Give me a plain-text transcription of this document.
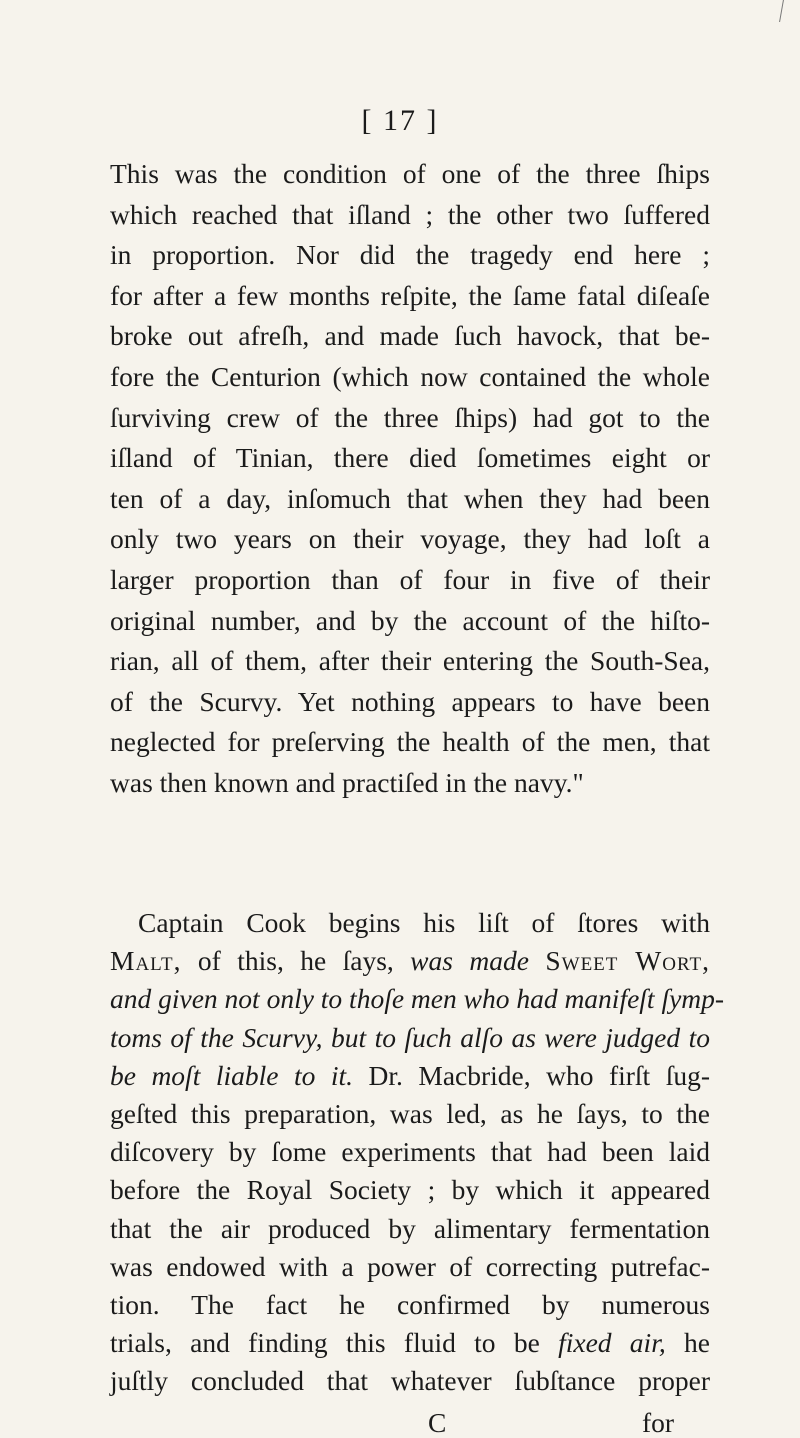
[ 17 ]
This was the condition of one of the three ſhips
which reached that iſland ; the other two ſuffered
in proportion. Nor did the tragedy end here ;
for after a few months reſpite, the ſame fatal diſeaſe
broke out afreſh, and made ſuch havock, that be-
fore the Centurion (which now contained the whole
ſurviving crew of the three ſhips) had got to the
iſland of Tinian, there died ſometimes eight or
ten of a day, inſomuch that when they had been
only two years on their voyage, they had loſt a
larger proportion than of four in five of their
original number, and by the account of the hiſto-
rian, all of them, after their entering the South-Sea,
of the Scurvy. Yet nothing appears to have been
neglected for preſerving the health of the men, that
was then known and practiſed in the navy."
Captain Cook begins his liſt of ſtores with
Malt, of this, he ſays, was made Sweet Wort,
and given not only to thoſe men who had manifeſt ſymp-
toms of the Scurvy, but to ſuch alſo as were judged to
be moſt liable to it. Dr. Macbride, who firſt ſug-
geſted this preparation, was led, as he ſays, to the
diſcovery by ſome experiments that had been laid
before the Royal Society ; by which it appeared
that the air produced by alimentary fermentation
was endowed with a power of correcting putrefac-
tion. The fact he confirmed by numerous
trials, and finding this fluid to be fixed air, he
juſtly concluded that whatever ſubſtance proper
C	for
